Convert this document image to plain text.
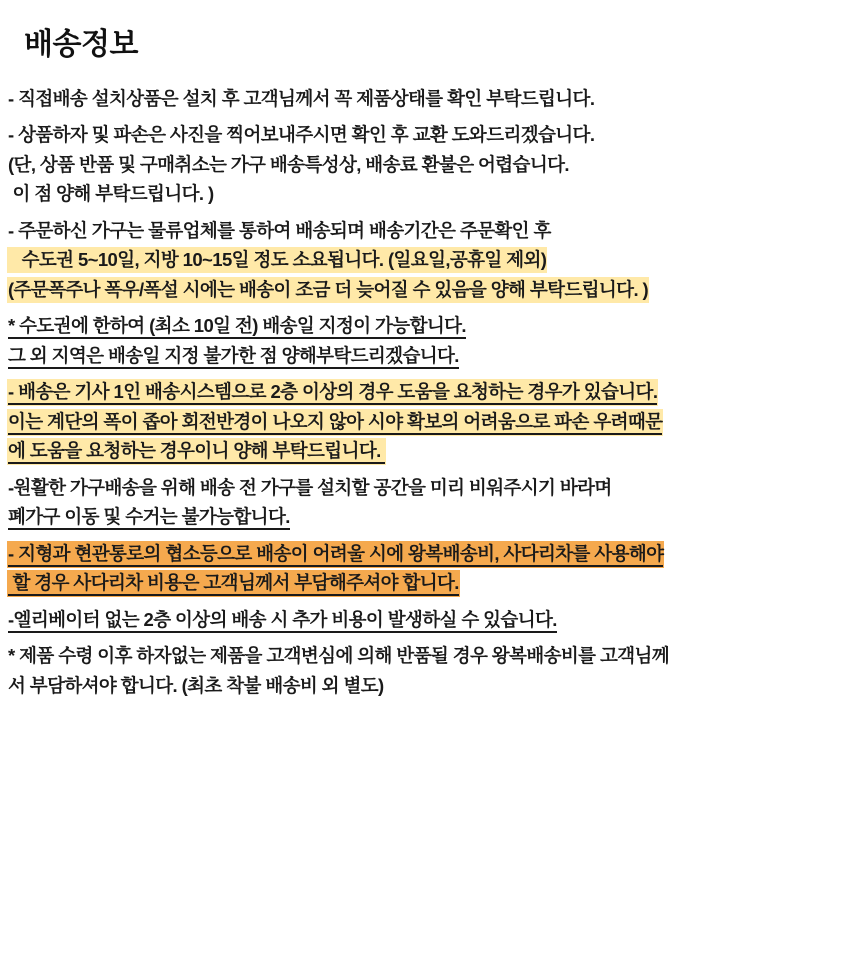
배송정보
- 직접배송 설치상품은 설치 후 고객님께서 꼭 제품상태를 확인 부탁드립니다.
- 상품하자 및 파손은 사진을 찍어보내주시면 확인 후 교환 도와드리겠습니다.
(단, 상품 반품 및 구매취소는 가구 배송특성상, 배송료 환불은 어렵습니다.
이 점 양해 부탁드립니다. )
- 주문하신 가구는 물류업체를 통하여 배송되며 배송기간은 주문확인 후
수도권 5~10일, 지방 10~15일 정도 소요됩니다. (일요일,공휴일 제외)
(주문폭주나 폭우/폭설 시에는 배송이 조금 더 늦어질 수 있음을 양해 부탁드립니다. )
* 수도권에 한하여 (최소 10일 전) 배송일 지정이 가능합니다.
그 외 지역은 배송일 지정 불가한 점 양해부탁드리겠습니다.
- 배송은 기사 1인 배송시스템으로 2층 이상의 경우 도움을 요청하는 경우가 있습니다.
이는 계단의 폭이 좁아 회전반경이 나오지 않아 시야 확보의 어려움으로 파손 우려때문
에 도움을 요청하는 경우이니 양해 부탁드립니다.
-원활한 가구배송을 위해 배송 전 가구를 설치할 공간을 미리 비워주시기 바라며
폐가구 이동 및 수거는 불가능합니다.
- 지형과 현관통로의 협소등으로 배송이 어려울 시에 왕복배송비, 사다리차를 사용해야
할 경우 사다리차 비용은 고객님께서 부담해주셔야 합니다.
-엘리베이터 없는 2층 이상의 배송 시 추가 비용이 발생하실 수 있습니다.
* 제품 수령 이후 하자없는 제품을 고객변심에 의해 반품될 경우 왕복배송비를 고객님께
서 부담하셔야 합니다. (최초 착불 배송비 외 별도)
